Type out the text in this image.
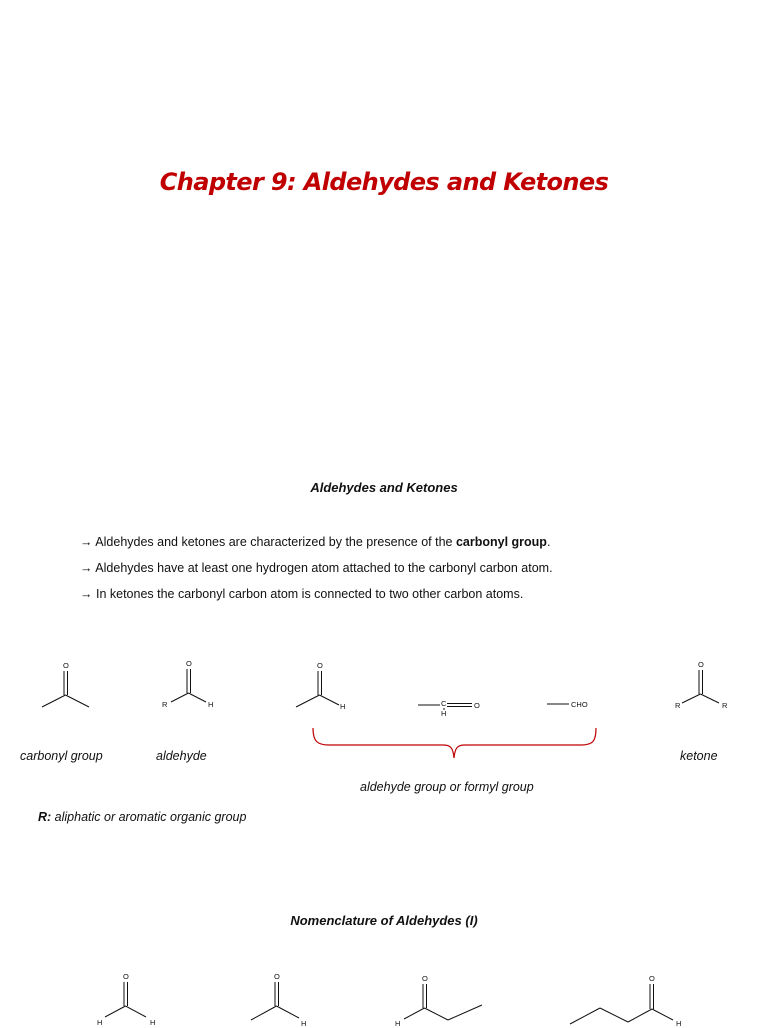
Chapter 9: Aldehydes and Ketones
Aldehydes and Ketones
→ Aldehydes and ketones are characterized by the presence of the carbonyl group.
→ Aldehydes have at least one hydrogen atom attached to the carbonyl carbon atom.
→ In ketones the carbonyl carbon atom is connected to two other carbon atoms.
O	O
R	H
O
H	C	O
H
CHO
O
R	R
carbonyl group	aldehyde	ketone
aldehyde group or formyl group
R: aliphatic or aromatic organic group
Nomenclature of Aldehydes (I)
O
H	H
O
H
O
H
O
H
